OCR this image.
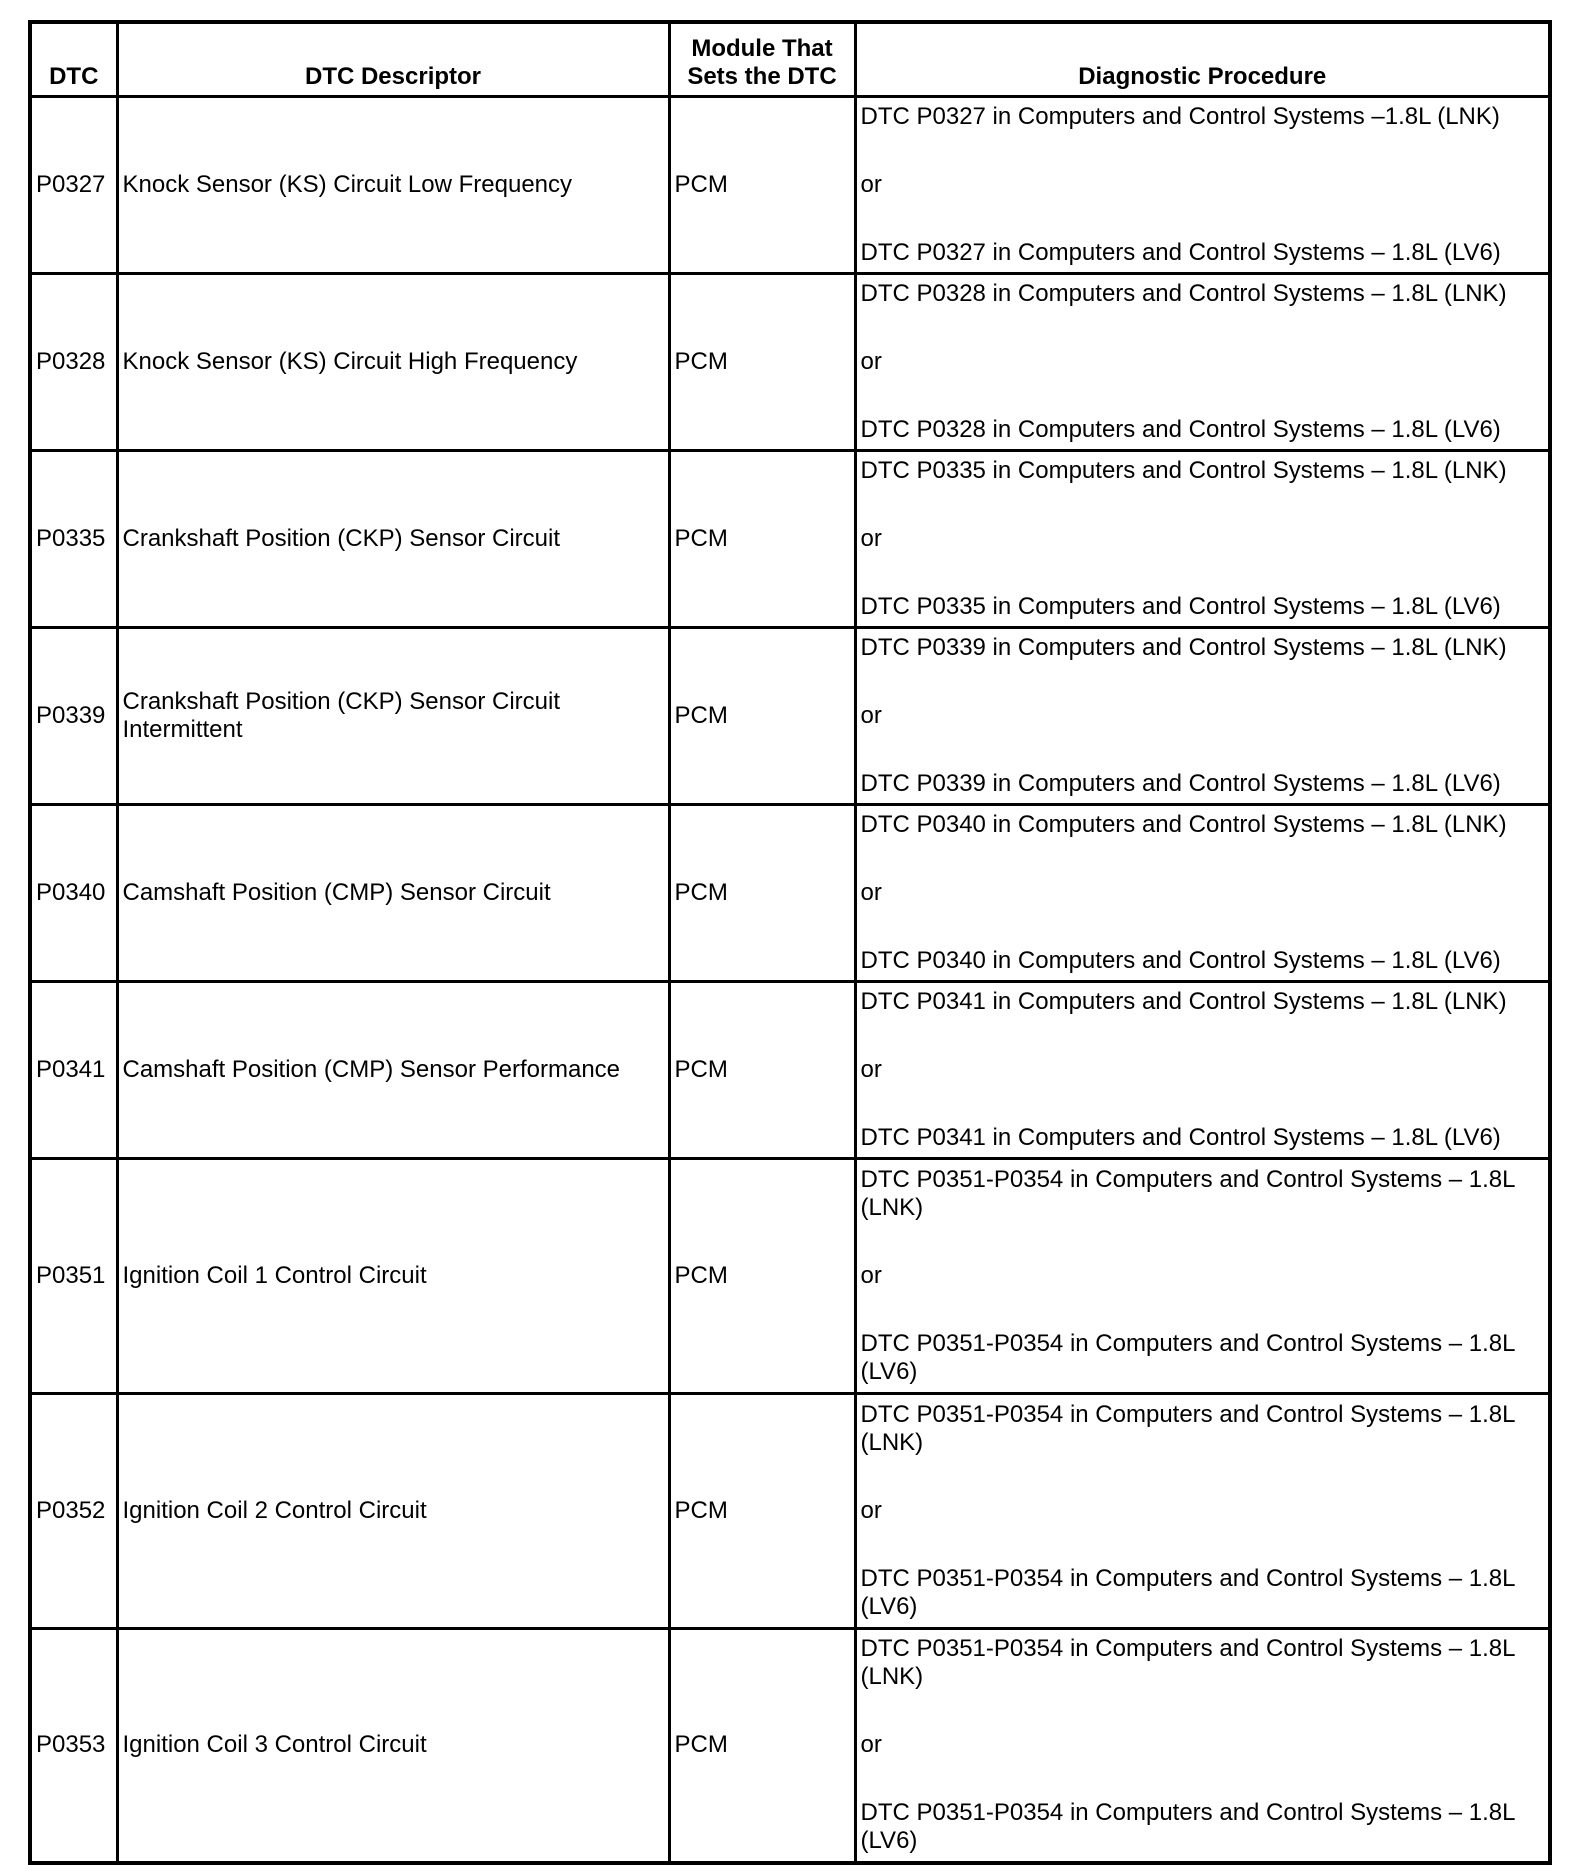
DTC	DTC Descriptor	Module That Sets the DTC	Diagnostic Procedure
P0327	Knock Sensor (KS) Circuit Low Frequency	PCM	DTC P0327 in Computers and Control Systems –1.8L (LNK)
or
DTC P0327 in Computers and Control Systems – 1.8L (LV6)

P0328	Knock Sensor (KS) Circuit High Frequency	PCM	DTC P0328 in Computers and Control Systems – 1.8L (LNK)
or
DTC P0328 in Computers and Control Systems – 1.8L (LV6)

P0335	Crankshaft Position (CKP) Sensor Circuit	PCM	DTC P0335 in Computers and Control Systems – 1.8L (LNK)
or
DTC P0335 in Computers and Control Systems – 1.8L (LV6)

P0339	Crankshaft Position (CKP) Sensor Circuit Intermittent	PCM	DTC P0339 in Computers and Control Systems – 1.8L (LNK)
or
DTC P0339 in Computers and Control Systems – 1.8L (LV6)

P0340	Camshaft Position (CMP) Sensor Circuit	PCM	DTC P0340 in Computers and Control Systems – 1.8L (LNK)
or
DTC P0340 in Computers and Control Systems – 1.8L (LV6)

P0341	Camshaft Position (CMP) Sensor Performance	PCM	DTC P0341 in Computers and Control Systems – 1.8L (LNK)
or
DTC P0341 in Computers and Control Systems – 1.8L (LV6)

P0351	Ignition Coil 1 Control Circuit	PCM	DTC P0351-P0354 in Computers and Control Systems – 1.8L (LNK)
or
DTC P0351-P0354 in Computers and Control Systems – 1.8L (LV6)

P0352	Ignition Coil 2 Control Circuit	PCM	DTC P0351-P0354 in Computers and Control Systems – 1.8L (LNK)
or
DTC P0351-P0354 in Computers and Control Systems – 1.8L (LV6)

P0353	Ignition Coil 3 Control Circuit	PCM	DTC P0351-P0354 in Computers and Control Systems – 1.8L (LNK)
or
DTC P0351-P0354 in Computers and Control Systems – 1.8L (LV6)
